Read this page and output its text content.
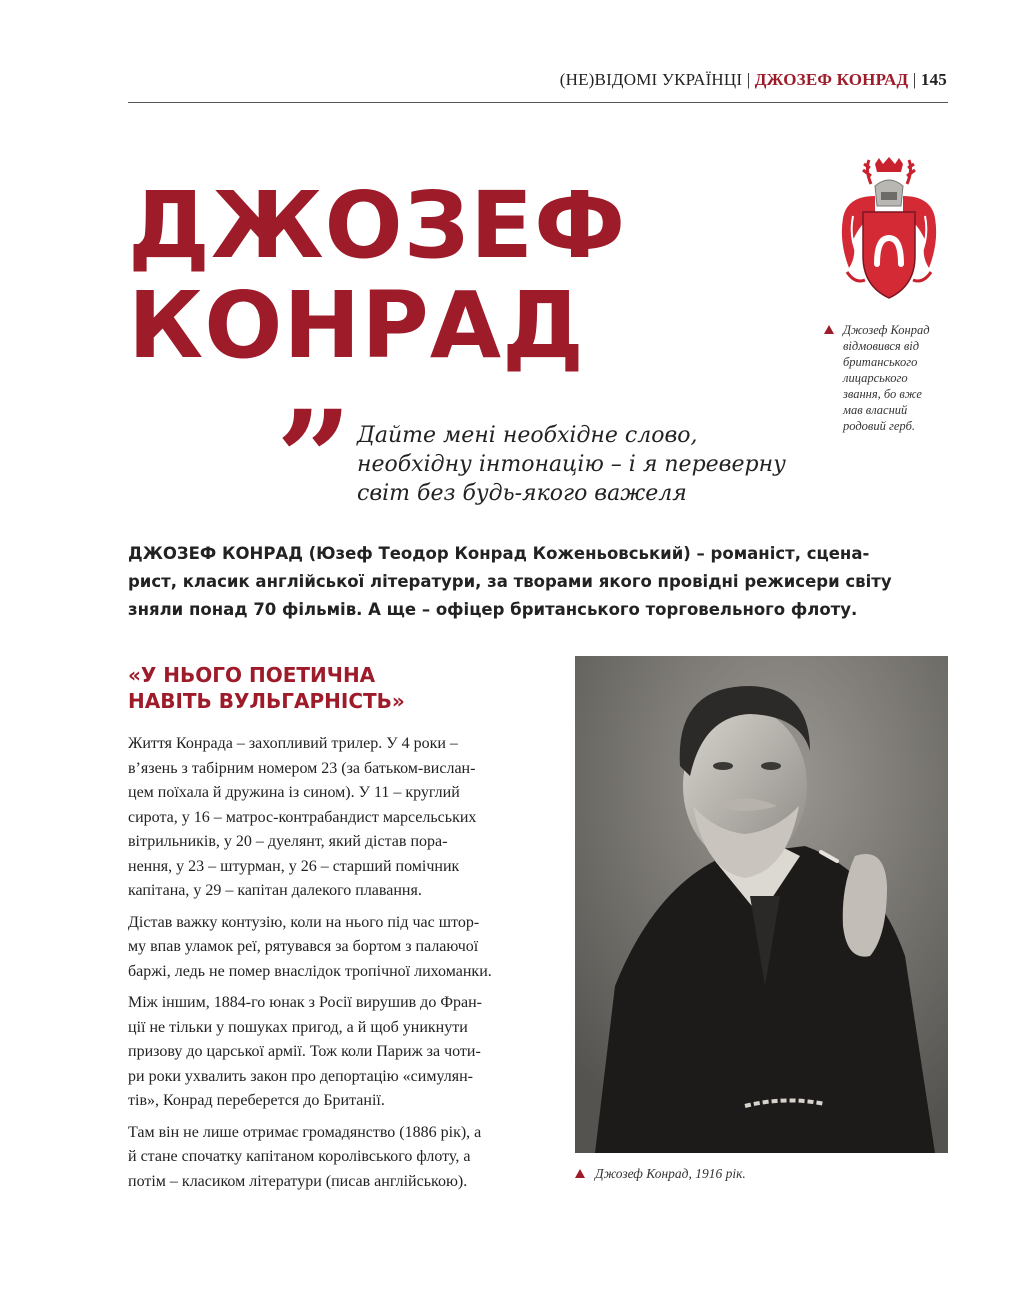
(НЕ)ВІДОМІ УКРАЇНЦІ | ДЖОЗЕФ КОНРАД | 145
ДЖОЗЕФ
КОНРАД	Джозеф Конрад
відмовився від
британського
лицарського
звання, бо вже
мав власний
родовий герб.
” Дайте мені необхідне слово,
необхідну інтонацію – і я переверну
світ без будь-якого важеля
ДЖОЗЕФ КОНРАД (Юзеф Теодор Конрад Коженьовський) – романіст, сцена-
рист, класик англійської літератури, за творами якого провідні режисери світу
зняли понад 70 фільмів. А ще – офіцер британського торговельного флоту.
«У НЬОГО ПОЕТИЧНА
НАВІТЬ ВУЛЬГАРНІСТЬ»

Життя Конрада – захопливий трилер. У 4 роки –
в’язень з табірним номером 23 (за батьком-вислан-
цем поїхала й дружина із сином). У 11 – круглий
сирота, у 16 – матрос-контрабандист марсельських
вітрильників, у 20 – дуелянт, який дістав пора-
нення, у 23 – штурман, у 26 – старший помічник
капітана, у 29 – капітан далекого плавання.

Дістав важку контузію, коли на нього під час штор-
му впав уламок реї, рятувався за бортом з палаючої
баржі, ледь не помер внаслідок тропічної лихоманки.

Між іншим, 1884-го юнак з Росії вирушив до Фран-
ції не тільки у пошуках пригод, а й щоб уникнути
призову до царської армії. Тож коли Париж за чоти-
ри роки ухвалить закон про депортацію «симулян-
тів», Конрад переберется до Британії.

Там він не лише отримає громадянство (1886 рік), а
й стане спочатку капітаном королівського флоту, а
потім – класиком літератури (писав англійською).	Джозеф Конрад, 1916 рік.
